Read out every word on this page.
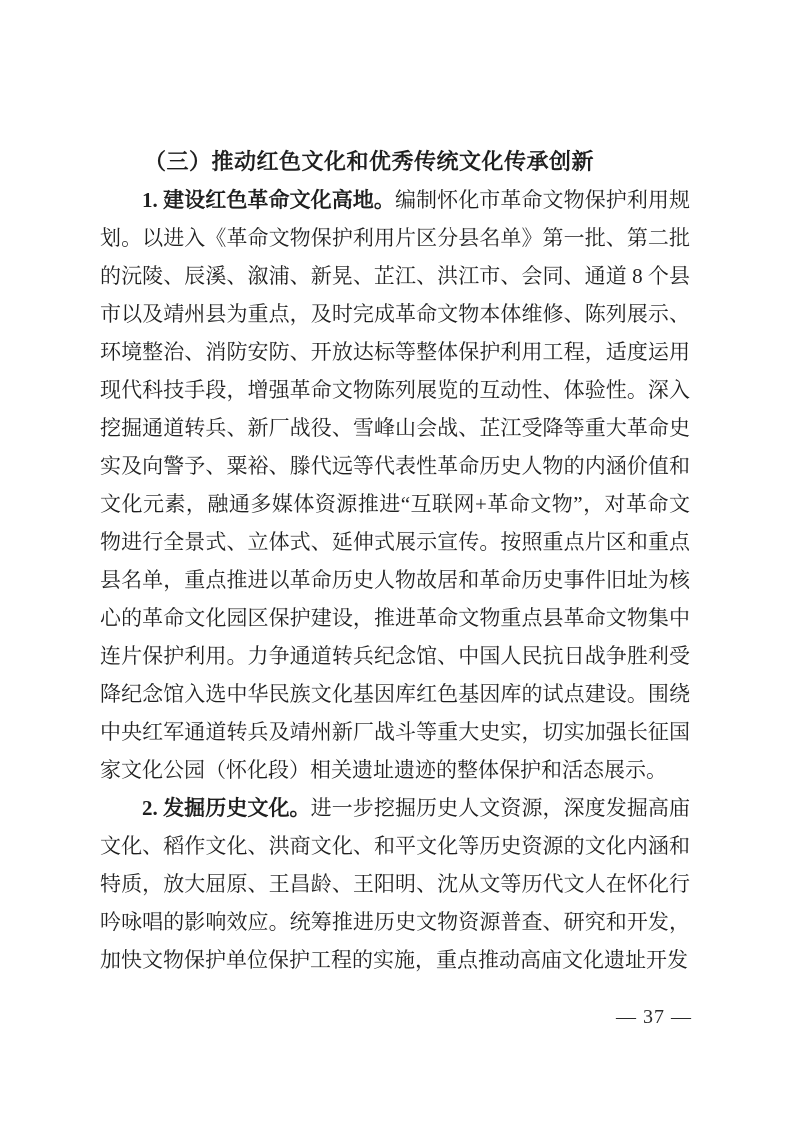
（三）推动红色文化和优秀传统文化传承创新

1. 建设红色革命文化高地。编制怀化市革命文物保护利用规划。以进入《革命文物保护利用片区分县名单》第一批、第二批的沅陵、辰溪、溆浦、新晃、芷江、洪江市、会同、通道 8 个县市以及靖州县为重点，及时完成革命文物本体维修、陈列展示、环境整治、消防安防、开放达标等整体保护利用工程，适度运用现代科技手段，增强革命文物陈列展览的互动性、体验性。深入挖掘通道转兵、新厂战役、雪峰山会战、芷江受降等重大革命史实及向警予、粟裕、滕代远等代表性革命历史人物的内涵价值和文化元素，融通多媒体资源推进“互联网+革命文物”，对革命文物进行全景式、立体式、延伸式展示宣传。按照重点片区和重点县名单，重点推进以革命历史人物故居和革命历史事件旧址为核心的革命文化园区保护建设，推进革命文物重点县革命文物集中连片保护利用。力争通道转兵纪念馆、中国人民抗日战争胜利受降纪念馆入选中华民族文化基因库红色基因库的试点建设。围绕中央红军通道转兵及靖州新厂战斗等重大史实，切实加强长征国家文化公园（怀化段）相关遗址遗迹的整体保护和活态展示。

2. 发掘历史文化。进一步挖掘历史人文资源，深度发掘高庙文化、稻作文化、洪商文化、和平文化等历史资源的文化内涵和特质，放大屈原、王昌龄、王阳明、沈从文等历代文人在怀化行吟咏唱的影响效应。统筹推进历史文物资源普查、研究和开发，加快文物保护单位保护工程的实施，重点推动高庙文化遗址开发

— 37 —
